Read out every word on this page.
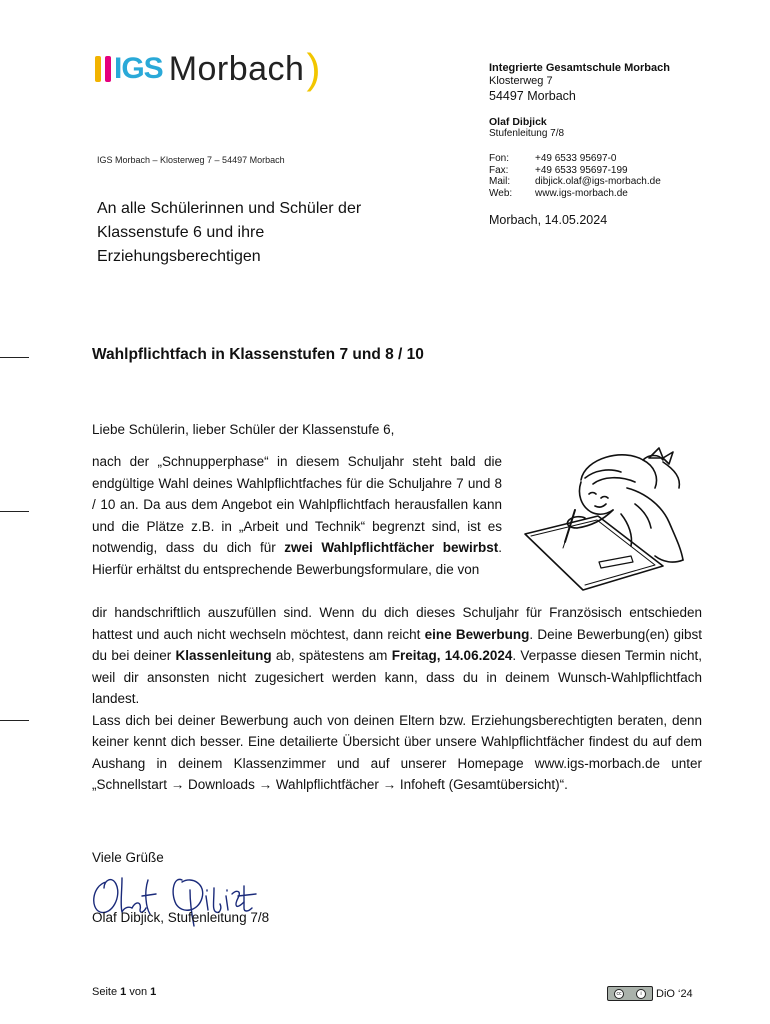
IGS Morbach )	Integrierte Gesamtschule Morbach
Klosterweg 7
54497 Morbach
Olaf Dibjick
Stufenleitung 7/8
Fon:	+49 6533 95697-0
Fax:	+49 6533 95697-199
Mail:	dibjick.olaf@igs-morbach.de
Web:	www.igs-morbach.de
Morbach, 14.05.2024
IGS Morbach – Klosterweg 7 – 54497 Morbach
An alle Schülerinnen und Schüler der Klassenstufe 6 und ihre Erziehungsberechtigen
Wahlpflichtfach in Klassenstufen 7 und 8 / 10
Liebe Schülerin, lieber Schüler der Klassenstufe 6,

nach der „Schnupperphase“ in diesem Schuljahr steht bald die endgültige Wahl deines Wahlpflichtfaches für die Schuljahre 7 und 8 / 10 an. Da aus dem Angebot ein Wahlpflichtfach herausfallen kann und die Plätze z.B. in „Arbeit und Technik“ begrenzt sind, ist es notwendig, dass du dich für zwei Wahlpflichtfächer bewirbst. Hierfür erhältst du entsprechende Bewerbungsformulare, die von

dir handschriftlich auszufüllen sind. Wenn du dich dieses Schuljahr für Französisch entschieden hattest und auch nicht wechseln möchtest, dann reicht eine Bewerbung. Deine Bewerbung(en) gibst du bei deiner Klassenleitung ab, spätestens am Freitag, 14.06.2024. Verpasse diesen Termin nicht, weil dir ansonsten nicht zugesichert werden kann, dass du in deinem Wunsch-Wahlpflichtfach landest.

Lass dich bei deiner Bewerbung auch von deinen Eltern bzw. Erziehungsberechtigten beraten, denn keiner kennt dich besser. Eine detailierte Übersicht über unsere Wahlpflichtfächer findest du auf dem Aushang in deinem Klassenzimmer und auf unserer Homepage www.igs-morbach.de unter „Schnellstart → Downloads → Wahlpflichtfächer → Infoheft (Gesamtübersicht)“.

Viele Grüße
Olaf Dibjick, Stufenleitung 7/8
Seite 1 von 1	cc	i	DiO ‘24
